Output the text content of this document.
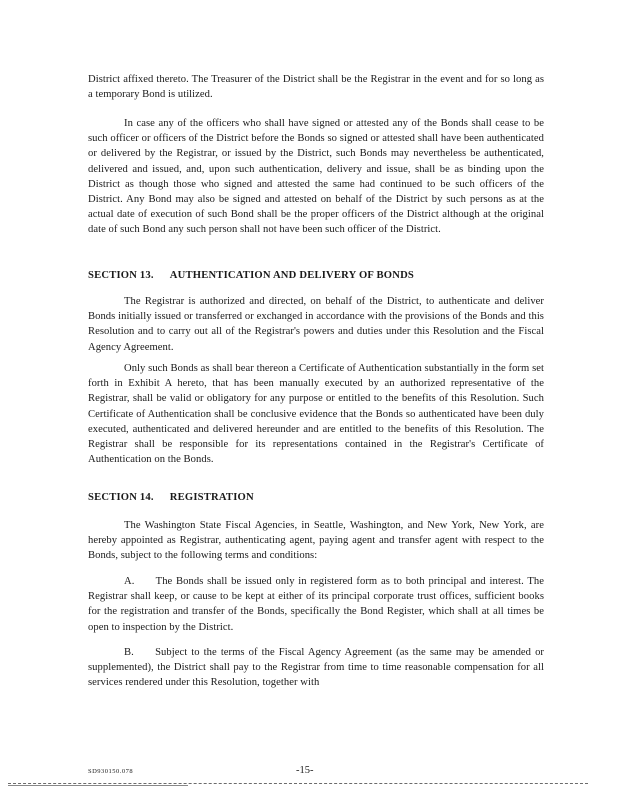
District affixed thereto. The Treasurer of the District shall be the Registrar in the event and for so long as a temporary Bond is utilized.

In case any of the officers who shall have signed or attested any of the Bonds shall cease to be such officer or officers of the District before the Bonds so signed or attested shall have been authenticated or delivered by the Registrar, or issued by the District, such Bonds may nevertheless be authenticated, delivered and issued, and, upon such authentication, delivery and issue, shall be as binding upon the District as though those who signed and attested the same had continued to be such officers of the District. Any Bond may also be signed and attested on behalf of the District by such persons as at the actual date of execution of such Bond shall be the proper officers of the District although at the original date of such Bond any such person shall not have been such officer of the District.

SECTION 13. AUTHENTICATION AND DELIVERY OF BONDS

The Registrar is authorized and directed, on behalf of the District, to authenticate and deliver Bonds initially issued or transferred or exchanged in accordance with the provisions of the Bonds and this Resolution and to carry out all of the Registrar's powers and duties under this Resolution and the Fiscal Agency Agreement.

Only such Bonds as shall bear thereon a Certificate of Authentication substantially in the form set forth in Exhibit A hereto, that has been manually executed by an authorized representative of the Registrar, shall be valid or obligatory for any purpose or entitled to the benefits of this Resolution. Such Certificate of Authentication shall be conclusive evidence that the Bonds so authenticated have been duly executed, authenticated and delivered hereunder and are entitled to the benefits of this Resolution. The Registrar shall be responsible for its representations contained in the Registrar's Certificate of Authentication on the Bonds.

SECTION 14. REGISTRATION

The Washington State Fiscal Agencies, in Seattle, Washington, and New York, New York, are hereby appointed as Registrar, authenticating agent, paying agent and transfer agent with respect to the Bonds, subject to the following terms and conditions:

A.  The Bonds shall be issued only in registered form as to both principal and interest. The Registrar shall keep, or cause to be kept at either of its principal corporate trust offices, sufficient books for the registration and transfer of the Bonds, specifically the Bond Register, which shall at all times be open to inspection by the District.

B.  Subject to the terms of the Fiscal Agency Agreement (as the same may be amended or supplemented), the District shall pay to the Registrar from time to time reasonable compensation for all services rendered under this Resolution, together with

SD930150.078	-15-
